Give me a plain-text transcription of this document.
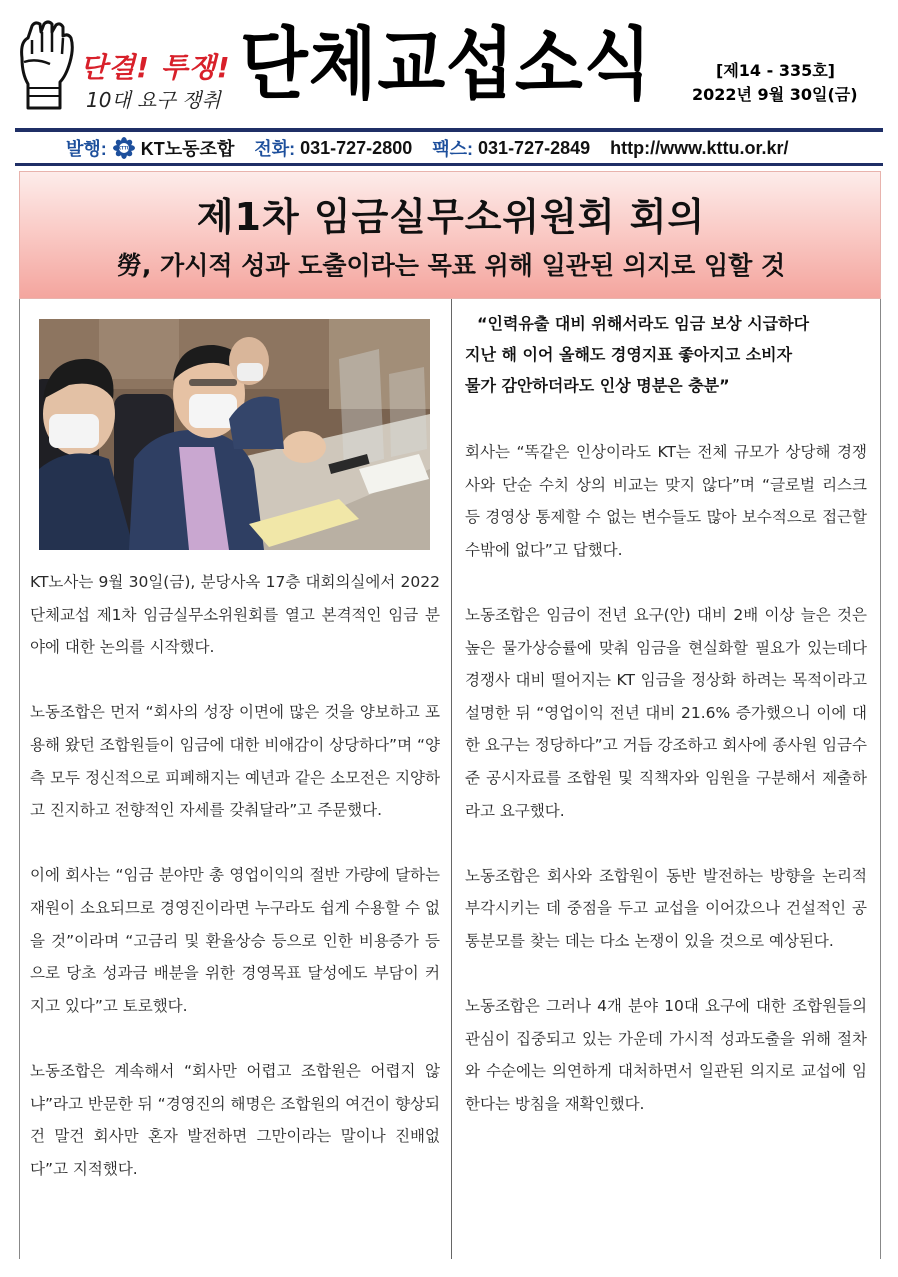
단결! 투쟁!
10대 요구 쟁취 단체교섭소식	[제14 - 335호]
2022년 9월 30일(금)
발행:	KTTU KT노동조합 전화:
031-727-2800 팩스:
031-727-2849 http://www.kttu.or.kr/
제1차 임금실무소위원회 회의
勞, 가시적 성과 도출이라는 목표 위해 일관된 의지로 임할 것
“인력유출 대비 위해서라도 임금 보상 시급하다
지난 해 이어 올해도 경영지표 좋아지고 소비자
물가 감안하더라도 인상 명분은 충분”

KT노사는 9월 30일(금), 분당사옥 17층 대회의실에서 2022 단체교섭 제1차 임금실무소위원회를 열고 본격적인 임금 분야에 대한 논의를 시작했다.

노동조합은 먼저 “회사의 성장 이면에 많은 것을 양보하고 포용해 왔던 조합원들이 임금에 대한 비애감이 상당하다”며 “양측 모두 정신적으로 피폐해지는 예년과 같은 소모전은 지양하고 진지하고 전향적인 자세를 갖춰달라”고 주문했다.

이에 회사는 “임금 분야만 총 영업이익의 절반 가량에 달하는 재원이 소요되므로 경영진이라면 누구라도 쉽게 수용할 수 없을 것”이라며 “고금리 및 환율상승 등으로 인한 비용증가 등으로 당초 성과금 배분을 위한 경영목표 달성에도 부담이 커지고 있다”고 토로했다.

노동조합은 계속해서 “회사만 어렵고 조합원은 어렵지 않냐”라고 반문한 뒤 “경영진의 해명은 조합원의 여건이 향상되건 말건 회사만 혼자 발전하면 그만이라는 말이나 진배없다”고 지적했다.

회사는 “똑같은 인상이라도 KT는 전체 규모가 상당해 경쟁사와 단순 수치 상의 비교는 맞지 않다”며 “글로벌 리스크 등 경영상 통제할 수 없는 변수들도 많아 보수적으로 접근할 수밖에 없다”고 답했다.

노동조합은 임금이 전년 요구(안) 대비 2배 이상 늘은 것은 높은 물가상승률에 맞춰 임금을 현실화할 필요가 있는데다 경쟁사 대비 떨어지는 KT 임금을 정상화 하려는 목적이라고 설명한 뒤 “영업이익 전년 대비 21.6% 증가했으니 이에 대한 요구는 정당하다”고 거듭 강조하고 회사에 종사원 임금수준 공시자료를 조합원 및 직책자와 임원을 구분해서 제출하라고 요구했다.

노동조합은 회사와 조합원이 동반 발전하는 방향을 논리적 부각시키는 데 중점을 두고 교섭을 이어갔으나 건설적인 공통분모를 찾는 데는 다소 논쟁이 있을 것으로 예상된다.

노동조합은 그러나 4개 분야 10대 요구에 대한 조합원들의 관심이 집중되고 있는 가운데 가시적 성과도출을 위해 절차와 수순에는 의연하게 대처하면서 일관된 의지로 교섭에 임한다는 방침을 재확인했다.
